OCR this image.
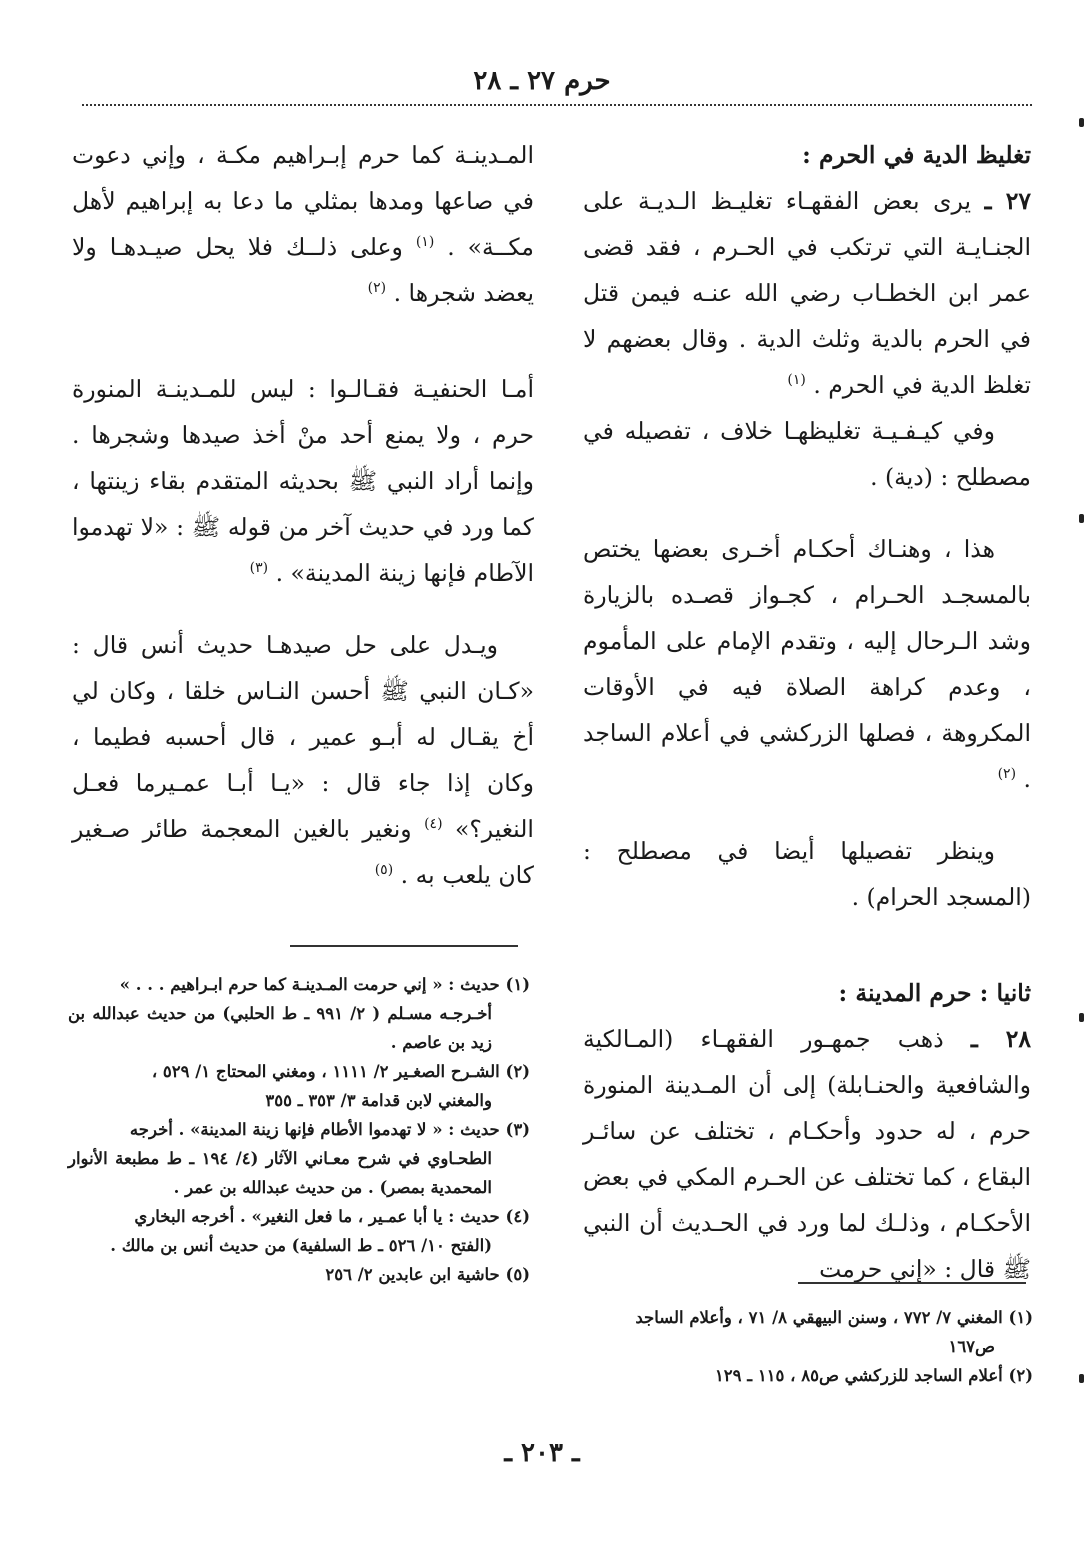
حرم ٢٧ ـ ٢٨

تغليظ الدية في الحرم :

٢٧ ـ يرى بعض الفقهـاء تغليـظ الـديـة على الجنـايـة التي ترتكب في الحـرم ، فقد قضى عمر ابن الخطـاب رضي الله عنـه فيمن قتل في الحرم بالدية وثلث الدية . وقال بعضهم لا تغلظ الدية في الحرم . $^{(١)}$

وفي كيـفـيـة تغليظهـا خلاف ، تفصيله في مصطلح : (دية) .

هذا ، وهنـاك أحكـام أخـرى بعضها يختص بالمسجـد الحـرام ، كجـواز قصـده بالزيارة وشد الـرحال إليه ، وتقدم الإمام على المأموم ، وعدم كراهة الصلاة فيه في الأوقات المكروهة ، فصلها الزركشي في أعلام الساجد . $^{(٢)}$

وينظر تفصيلها أيضا في مصطلح : (المسجد الحرام) .

ثانيا : حرم المدينة :

٢٨ ـ ذهب جمهـور الفقهـاء (المـالكية والشافعية والحنـابلة) إلى أن المـدينة المنورة حرم ، له حدود وأحكـام ، تختلف عن سائـر البقاع ، كما تختلف عن الحـرم المكي في بعض الأحكـام ، وذلـك لما ورد في الحـديث أن النبي ﷺ قال : «إني حرمت

المـدينـة كما حرم إبـراهيم مكـة ، وإني دعوت في صاعها ومدها بمثلي ما دعا به إبراهيم لأهل مكــة» . $^{(١)}$ وعلى ذلــك فلا يحل صيـدهـا ولا يعضد شجرها . $^{(٢)}$

أمـا الحنفيـة فقـالـوا : ليس للمـدينـة المنورة حرم ، ولا يمنع أحد منْ أخذ صيدها وشجرها . وإنما أراد النبي ﷺ بحديثه المتقدم بقاء زينتها ، كما ورد في حديث آخر من قوله ﷺ : «لا تهدموا الآطام فإنها زينة المدينة» . $^{(٣)}$

ويـدل على حل صيدهـا حديث أنس قال : «كـان النبي ﷺ أحسن النـاس خلقا ، وكان لي أخ يقـال له أبـو عمير ، قال أحسبه فطيما ، وكان إذا جاء قال : «يـا أبـا عمـيرما فعـل النغير؟» $^{(٤)}$ ونغير بالغين المعجمة طائر صـغير كان يلعب به . $^{(٥)}$

(١) حديث : « إني حرمت المـدينـة كما حرم ابـراهيم . . . »

أخـرجـه مسـلم ( ٢/ ٩٩١ ـ ط الحلبي) من حديث عبدالله بن زيد بن عاصم .

(٢) الشـرح الصغـير ٢/ ١١١١ ، ومغني المحتاج ١/ ٥٢٩ ،

والمغني لابن قدامة ٣/ ٣٥٣ ـ ٣٥٥

(٣) حديث : « لا تهدموا الأطام فإنها زينة المدينة» . أخرجه

الطحـاوي في شرح معـاني الآثار (٤/ ١٩٤ ـ ط مطبعة الأنوار المحمدية بمصر) . من حديث عبدالله بن عمر .

(٤) حديث : يا أبا عمـير ، ما فعل النغير» . أخرجه البخاري

(الفتح ١٠/ ٥٢٦ ـ ط السلفية) من حديث أنس بن مالك .

(٥) حاشية ابن عابدين ٢/ ٢٥٦

(١) المغني ٧/ ٧٧٢ ، وسنن البيهقي ٨/ ٧١ ، وأعلام الساجد

ص١٦٧

(٢) أعلام الساجد للزركشي ص٨٥ ، ١١٥ ـ ١٢٩

ـ ٢٠٣ ـ
